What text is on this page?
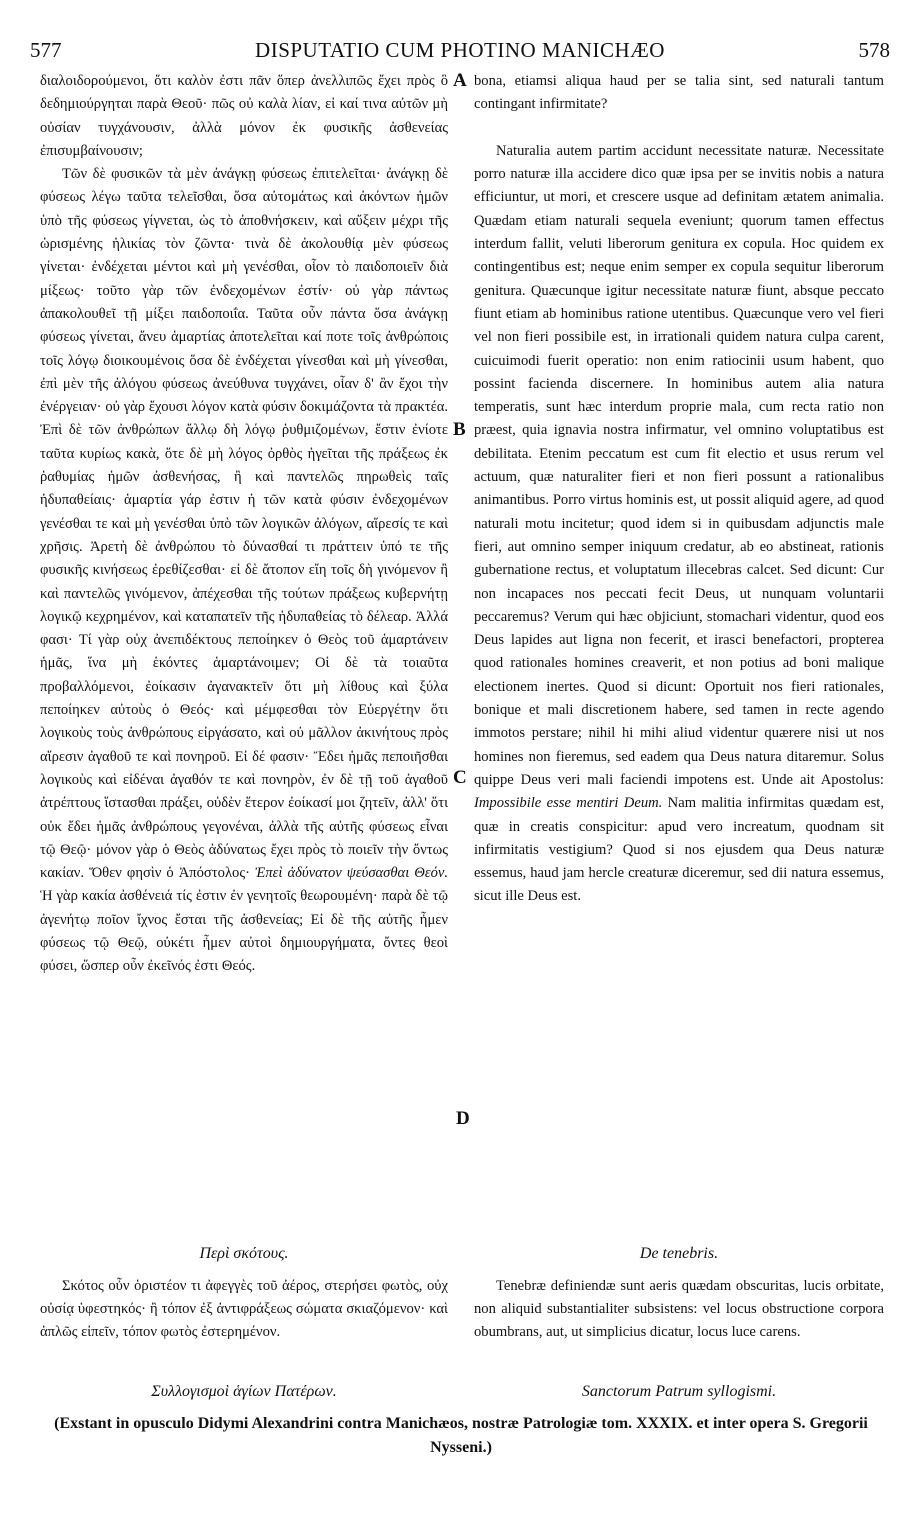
577	DISPUTATIO CUM PHOTINO MANICHÆO	578

διαλοιδορούμενοι, ὅτι καλὸν ἐστι πᾶν ὅπερ ἀνελλιπῶς ἔχει πρὸς ὃ δεδημιούργηται παρὰ Θεοῦ· πῶς οὐ καλὰ λίαν, εἰ καί τινα αὐτῶν μὴ οὐσίαν τυγχάνουσιν, ἀλλὰ μόνον ἐκ φυσικῆς ἀσθενείας ἐπισυμβαίνουσιν;

Τῶν δὲ φυσικῶν τὰ μὲν ἀνάγκῃ φύσεως ἐπιτελεῖται· ἀνάγκῃ δὲ φύσεως λέγω ταῦτα τελεῖσθαι, ὅσα αὐτομάτως καὶ ἀκόντων ἡμῶν ὑπὸ τῆς φύσεως γίγνεται, ὡς τὸ ἀποθνήσκειν, καὶ αὔξειν μέχρι τῆς ὡρισμένης ἡλικίας τὸν ζῶντα· τινὰ δὲ ἀκολουθίᾳ μὲν φύσεως γίνεται· ἐνδέχεται μέντοι καὶ μὴ γενέσθαι, οἷον τὸ παιδοποιεῖν διὰ μίξεως· τοῦτο γὰρ τῶν ἐνδεχομένων ἐστίν· οὐ γὰρ πάντως ἀπακολουθεῖ τῇ μίξει παιδοποιΐα. Ταῦτα οὖν πάντα ὅσα ἀνάγκῃ φύσεως γίνεται, ἄνευ ἁμαρτίας ἀποτελεῖται καί ποτε τοῖς ἀνθρώποις τοῖς λόγῳ διοικουμένοις ὅσα δὲ ἐνδέχεται γίνεσθαι καὶ μὴ γίνεσθαι, ἐπὶ μὲν τῆς ἀλόγου φύσεως ἀνεύθυνα τυγχάνει, οἷαν δ' ἂν ἔχοι τὴν ἐνέργειαν· οὐ γὰρ ἔχουσι λόγον κατὰ φύσιν δοκιμάζοντα τὰ πρακτέα. Ἐπὶ δὲ τῶν ἀνθρώπων ἄλλῳ δὴ λόγῳ ῥυθμιζομένων, ἔστιν ἐνίοτε ταῦτα κυρίως κακὰ, ὅτε δὲ μὴ λόγος ὀρθὸς ἡγεῖται τῆς πράξεως ἐκ ῥαθυμίας ἡμῶν ἀσθενήσας, ἢ καὶ παντελῶς πηρωθεὶς ταῖς ἡδυπαθείαις· ἁμαρτία γάρ ἐστιν ἡ τῶν κατὰ φύσιν ἐνδεχομένων γενέσθαι τε καὶ μὴ γενέσθαι ὑπὸ τῶν λογικῶν ἀλόγων, αἵρεσίς τε καὶ χρῆσις. Ἀρετὴ δὲ ἀνθρώπου τὸ δύνασθαί τι πράττειν ὑπό τε τῆς φυσικῆς κινήσεως ἐρεθίζεσθαι· εἰ δὲ ἄτοπον εἴη τοῖς δὴ γινόμενον ἢ καὶ παντελῶς γινόμενον, ἀπέχεσθαι τῆς τούτων πράξεως κυβερνήτῃ λογικῷ κεχρημένον, καὶ καταπατεῖν τῆς ἡδυπαθείας τὸ δέλεαρ. Ἀλλά φασι· Τί γὰρ οὐχ ἀνεπιδέκτους πεποίηκεν ὁ Θεὸς τοῦ ἁμαρτάνειν ἡμᾶς, ἵνα μὴ ἑκόντες ἁμαρτάνοιμεν; Οἱ δὲ τὰ τοιαῦτα προβαλλόμενοι, ἐοίκασιν ἀγανακτεῖν ὅτι μὴ λίθους καὶ ξύλα πεποίηκεν αὐτοὺς ὁ Θεός· καὶ μέμφεσθαι τὸν Εὐεργέτην ὅτι λογικοὺς τοὺς ἀνθρώπους εἰργάσατο, καὶ οὐ μᾶλλον ἀκινήτους πρὸς αἵρεσιν ἀγαθοῦ τε καὶ πονηροῦ. Εἰ δέ φασιν· Ἔδει ἡμᾶς πεποιῆσθαι λογικοὺς καὶ εἰδέναι ἀγαθόν τε καὶ πονηρὸν, ἐν δὲ τῇ τοῦ ἀγαθοῦ ἀτρέπτους ἵστασθαι πράξει, οὐδὲν ἕτερον ἐοίκασί μοι ζητεῖν, ἀλλ' ὅτι οὐκ ἔδει ἡμᾶς ἀνθρώπους γεγονέναι, ἀλλὰ τῆς αὐτῆς φύσεως εἶναι τῷ Θεῷ· μόνον γὰρ ὁ Θεὸς ἀδύνατως ἔχει πρὸς τὸ ποιεῖν τὴν ὄντως κακίαν. Ὅθεν φησὶν ὁ Ἀπόστολος· Ἐπεὶ ἀδύνατον ψεύσασθαι Θεόν. Ἡ γὰρ κακία ἀσθένειά τίς ἐστιν ἐν γενητοῖς θεωρουμένη· παρὰ δὲ τῷ ἀγενήτῳ ποῖον ἴχνος ἔσται τῆς ἀσθενείας; Εἰ δὲ τῆς αὐτῆς ἦμεν φύσεως τῷ Θεῷ, οὐκέτι ἦμεν αὐτοὶ δημιουργήματα, ὄντες θεοὶ φύσει, ὥσπερ οὖν ἐκεῖνός ἐστι Θεός.

A
B
C
D

bona, etiamsi aliqua haud per se talia sint, sed naturali tantum contingant infirmitate?

Naturalia autem partim accidunt necessitate naturæ. Necessitate porro naturæ illa accidere dico quæ ipsa per se invitis nobis a natura efficiuntur, ut mori, et crescere usque ad definitam ætatem animalia. Quædam etiam naturali sequela eveniunt; quorum tamen effectus interdum fallit, veluti liberorum genitura ex copula. Hoc quidem ex contingentibus est; neque enim semper ex copula sequitur liberorum genitura. Quæcunque igitur necessitate naturæ fiunt, absque peccato fiunt etiam ab hominibus ratione utentibus. Quæcunque vero vel fieri vel non fieri possibile est, in irrationali quidem natura culpa carent, cuicuimodi fuerit operatio: non enim ratiocinii usum habent, quo possint facienda discernere. In hominibus autem alia natura temperatis, sunt hæc interdum proprie mala, cum recta ratio non præest, quia ignavia nostra infirmatur, vel omnino voluptatibus est debilitata. Etenim peccatum est cum fit electio et usus rerum vel actuum, quæ naturaliter fieri et non fieri possunt a rationalibus animantibus. Porro virtus hominis est, ut possit aliquid agere, ad quod naturali motu incitetur; quod idem si in quibusdam adjunctis male fieri, aut omnino semper iniquum credatur, ab eo abstineat, rationis gubernatione rectus, et voluptatum illecebras calcet. Sed dicunt: Cur non incapaces nos peccati fecit Deus, ut nunquam voluntarii peccaremus? Verum qui hæc objiciunt, stomachari videntur, quod eos Deus lapides aut ligna non fecerit, et irasci benefactori, propterea quod rationales homines creaverit, et non potius ad boni malique electionem inertes. Quod si dicunt: Oportuit nos fieri rationales, bonique et mali discretionem habere, sed tamen in recte agendo immotos perstare; nihil hi mihi aliud videntur quærere nisi ut nos homines non fieremus, sed eadem qua Deus natura ditaremur. Solus quippe Deus veri mali faciendi impotens est. Unde ait Apostolus: Impossibile esse mentiri Deum. Nam malitia infirmitas quædam est, quæ in creatis conspicitur: apud vero increatum, quodnam sit infirmitatis vestigium? Quod si nos ejusdem qua Deus naturæ essemus, haud jam hercle creaturæ diceremur, sed dii natura essemus, sicut ille Deus est.

Περὶ σκότους.	De tenebris.

Σκότος οὖν ὁριστέον τι ἀφεγγὲς τοῦ ἀέρος, στερήσει φωτὸς, οὐχ οὐσίᾳ ὑφεστηκός· ἢ τόπον ἐξ ἀντιφράξεως σώματα σκιαζόμενον· καὶ ἁπλῶς εἰπεῖν, τόπον φωτὸς ἐστερημένον.

Tenebræ definiendæ sunt aeris quædam obscuritas, lucis orbitate, non aliquid substantialiter subsistens: vel locus obstructione corpora obumbrans, aut, ut simplicius dicatur, locus luce carens.

Συλλογισμοὶ ἁγίων Πατέρων.	Sanctorum Patrum syllogismi.
(Exstant in opusculo Didymi Alexandrini contra Manichæos, nostræ Patrologiæ tom. XXXIX. et inter opera S. Gregorii Nysseni.)
